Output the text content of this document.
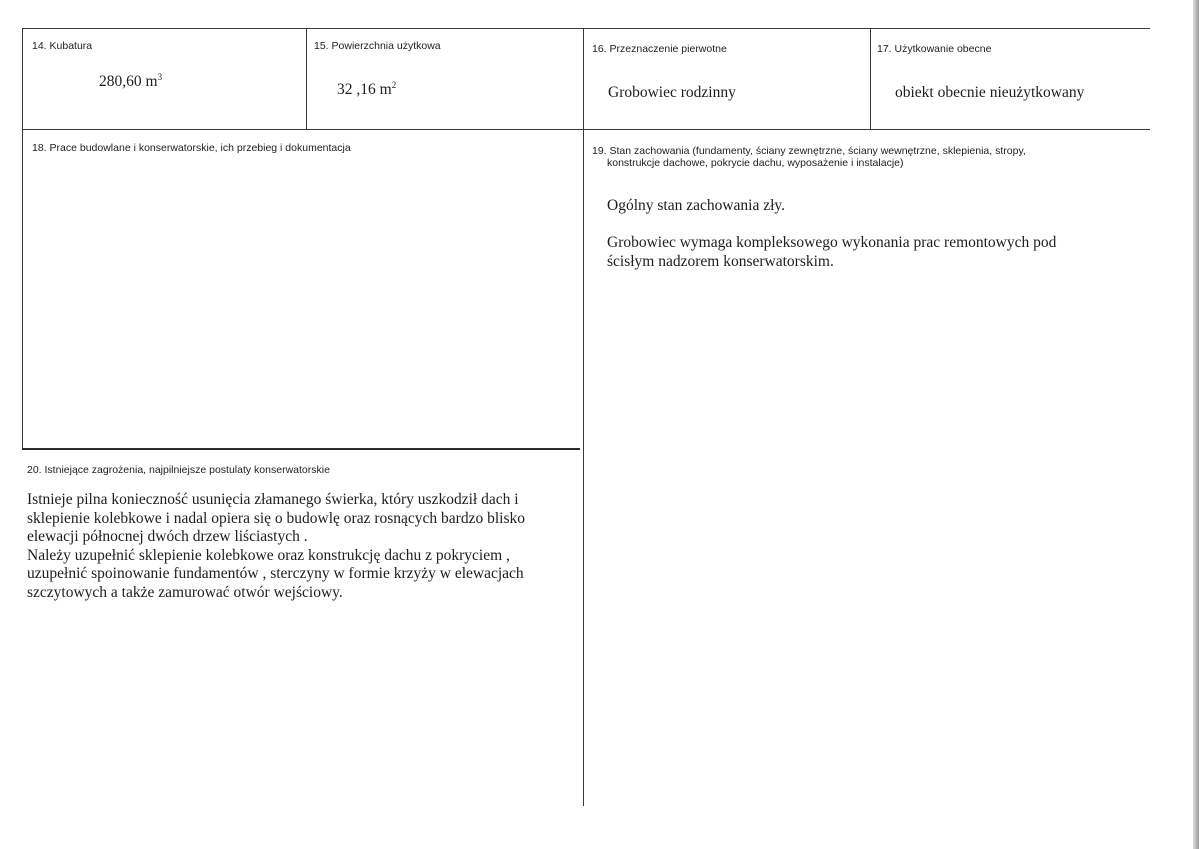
14. Kubatura
280,60 $m^3$
15. Powierzchnia użytkowa
32 ,16 $m^2$
16. Przeznaczenie pierwotne
Grobowiec rodzinny
17. Użytkowanie obecne
obiekt obecnie nieużytkowany
18. Prace budowlane i konserwatorskie, ich przebieg i dokumentacja	19. Stan zachowania (fundamenty, ściany zewnętrzne, ściany wewnętrzne, sklepienia, stropy,
konstrukcje dachowe, pokrycie dachu, wyposażenie i instalacje)
Ogólny stan zachowania zły.
Grobowiec wymaga kompleksowego wykonania prac remontowych pod
ścisłym nadzorem konserwatorskim.
20. Istniejące zagrożenia, najpilniejsze postulaty konserwatorskie
Istnieje pilna konieczność usunięcia złamanego świerka, który uszkodził dach i
sklepienie kolebkowe i nadal opiera się o budowlę oraz rosnących bardzo blisko
elewacji północnej dwóch drzew liściastych .
Należy uzupełnić sklepienie kolebkowe oraz konstrukcję dachu z pokryciem ,
uzupełnić spoinowanie fundamentów , sterczyny w formie krzyży w elewacjach
szczytowych a także zamurować otwór wejściowy.
